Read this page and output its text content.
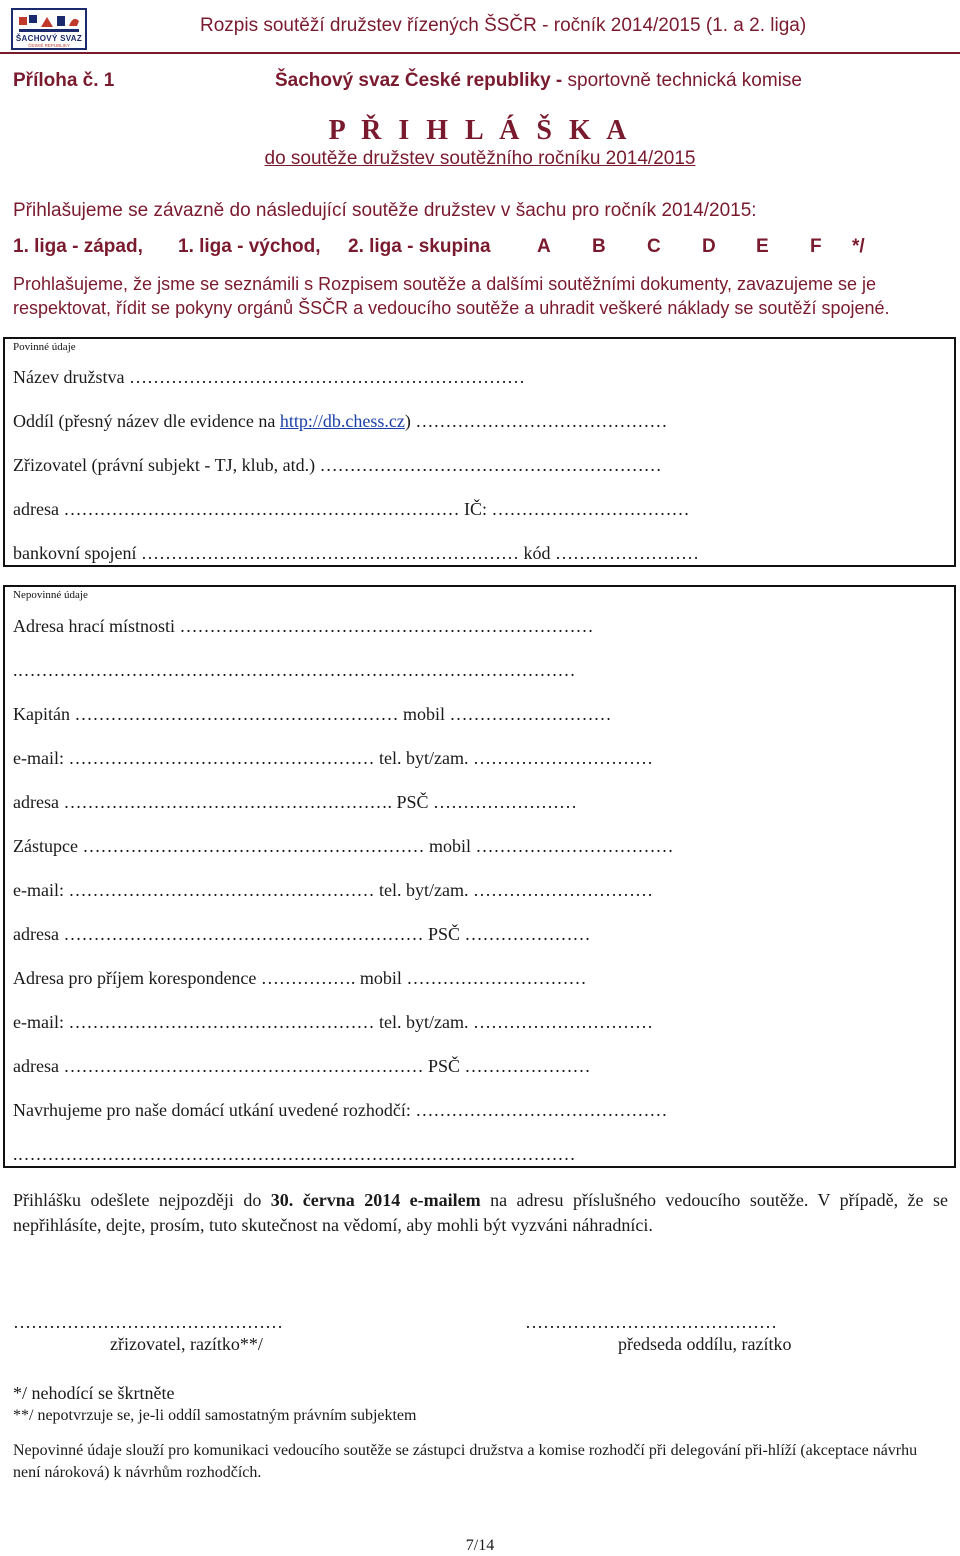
ŠACHOVÝ SVAZ
ČESKÉ REPUBLIKY
Rozpis soutěží družstev řízených ŠSČR - ročník 2014/2015 (1. a 2. liga)
Příloha č. 1	Šachový svaz České republiky - sportovně technická komise
P Ř I H L Á Š K A
do soutěže družstev soutěžního ročníku 2014/2015
Přihlašujeme se závazně do následující soutěže družstev v šachu pro ročník 2014/2015:
1. liga - západ, 1. liga - východ, 2. liga - skupina A B C D E F */
Prohlašujeme, že jsme se seznámili s Rozpisem soutěže a dalšími soutěžními dokumenty, zavazujeme se je respektovat, řídit se pokyny orgánů ŠSČR a vedoucího soutěže a uhradit veškeré náklady se soutěží spojené.
Povinné údaje
Název družstva …………………………………………………………
Oddíl (přesný název dle evidence na http://db.chess.cz) ……………………………………
Zřizovatel (právní subjekt - TJ, klub, atd.) …………………………………………………
adresa ………………………………………………………… IČ: ……………………………
bankovní spojení ……………………………………………………… kód ……………………
Nepovinné údaje
Adresa hrací místnosti ……………………………………………………………
.…………………………………………………………………………………
Kapitán ……………………………………………… mobil ………………………
e-mail: …………………………………………… tel. byt/zam. …………………………
adresa ………………………………………………. PSČ ……………………
Zástupce ………………………………………………… mobil ……………………………
e-mail: …………………………………………… tel. byt/zam. …………………………
adresa …………………………………………………… PSČ …………………
Adresa pro příjem korespondence ……………. mobil …………………………
e-mail: …………………………………………… tel. byt/zam. …………………………
adresa …………………………………………………… PSČ …………………
Navrhujeme pro naše domácí utkání uvedené rozhodčí: ……………………………………
.…………………………………………………………………………………
Přihlášku odešlete nejpozději do 30. června 2014 e-mailem na adresu příslušného vedoucího soutěže. V případě, že se nepřihlásíte, dejte, prosím, tuto skutečnost na vědomí, aby mohli být vyzváni náhradníci.
………………………………………	……………………………………
zřizovatel, razítko**/	předseda oddílu, razítko
*/ nehodící se škrtněte
**/ nepotvrzuje se, je-li oddíl samostatným právním subjektem
Nepovinné údaje slouží pro komunikaci vedoucího soutěže se zástupci družstva a komise rozhodčí při delegování při-hlíží (akceptace návrhu není nároková) k návrhům rozhodčích.
7/14
